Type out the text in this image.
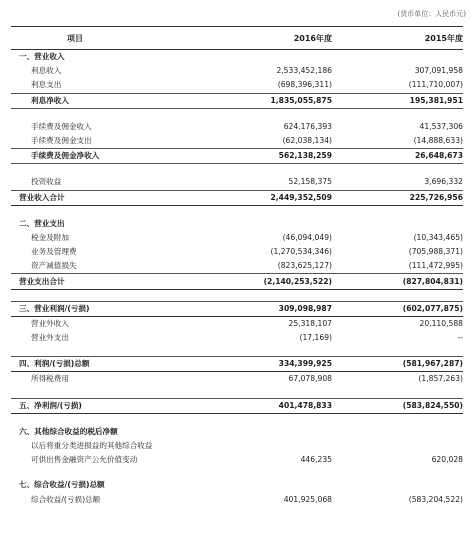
(货币单位：人民币元)
项目	2016年度	2015年度
一、营业收入		
利息收入	2,533,452,186	307,091,958
利息支出	(698,396,311)	(111,710,007)
利息净收入	1,835,055,875	195,381,951

手续费及佣金收入	624,176,393	41,537,306
手续费及佣金支出	(62,038,134)	(14,888,633)
手续费及佣金净收入	562,138,259	26,648,673

投资收益	52,158,375	3,696,332
营业收入合计	2,449,352,509	225,726,956

二、营业支出		
税金及附加	(46,094,049)	(10,343,465)
业务及管理费	(1,270,534,346)	(705,988,371)
资产减值损失	(823,625,127)	(111,472,995)
营业支出合计	(2,140,253,522)	(827,804,831)

三、营业利润/(亏损)	309,098,987	(602,077,875)
营业外收入	25,318,107	20,110,588
营业外支出	(17,169)	--

四、利润/(亏损)总额	334,399,925	(581,967,287)
所得税费用	67,078,908	(1,857,263)

五、净利润/(亏损)	401,478,833	(583,824,550)

六、其他综合收益的税后净额		
以后将重分类进损益的其他综合收益		
可供出售金融资产公允价值变动	446,235	620,028

七、综合收益/(亏损)总额		
综合收益/(亏损)总额	401,925,068	(583,204,522)
